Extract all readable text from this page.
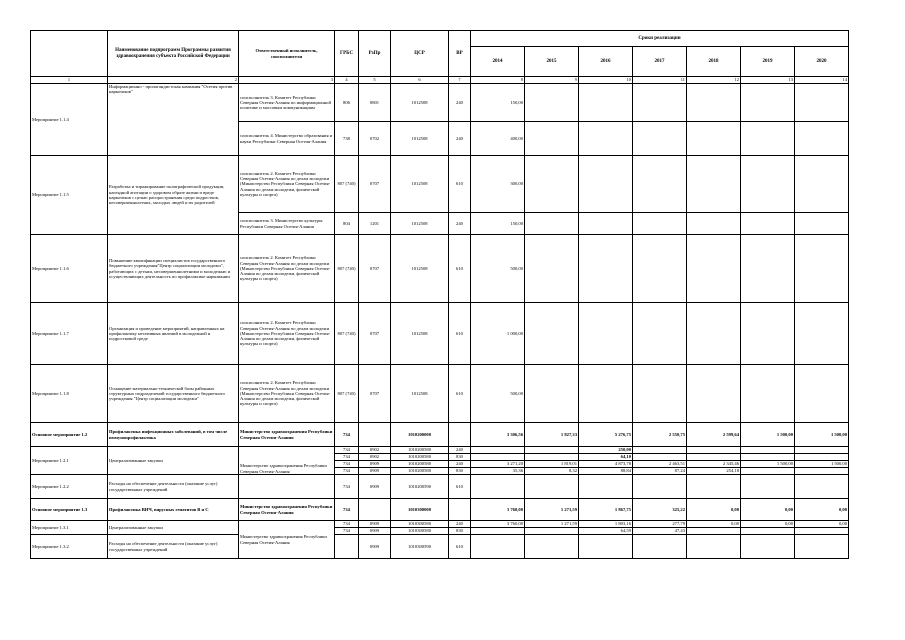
	Наименование подпрограмм Программы развития здравоохранения субъекта Российской Федерации	Ответственный исполнитель, соисполнители	ГРБС	РзПр	ЦСР	ВР	Сроки реализации						
							2014	2015	2016	2017	2018	2019	2020
1	2	3	4	5	6	7	8	9	10	11	12	13	14
Мероприятие 1.1.4	Информационно - пропагандистская кампания "Осетия против наркотиков"	соисполнитель 3. Комитет Республики Северная Осетия-Алания по информационной политике и массовым коммуникациям	806	0801	1012508	240	150,00						
		соисполнитель 4. Министерство образования и науки Республики Северная Осетия-Алания	738	0702	1012508	240	400,00						
Мероприятие 1.1.5	Разработка и тиражирование полиграфической продукции, наглядной агитации о здоровом образе жизни и вреде наркотиков с целью распространения среди подростков, несовершеннолетних, молодых людей и их родителей	соисполнитель 2. Комитет Республики Северная Осетия-Алания по делам молодежи (Министерство Республики Северная Осетия-Алания по делам молодежи, физической культуры и спорта)	807 (740)	0707	1012508	610	300,00						
		соисполнитель 3. Министерство культуры Республики Северная Осетия-Алания	804	1201	1012508	240	150,00						
Мероприятие 1.1.6	Повышение квалификации специалистов государственного бюджетного учреждения"Центр социализации молодежи", работающих с детьми, несовершеннолетними и молодежью и осуществляющих деятельность по профилактике наркомании	соисполнитель 2. Комитет Республики Северная Осетия-Алания по делам молодежи (Министерство Республики Северная Осетия-Алания по делам молодежи, физической культуры и спорта)	807 (740)	0707	1012508	610	500,00						
Мероприятие 1.1.7	Организация и проведение мероприятий, направленных на профилактику негативных явлений в молодежной и подростковой среде	соисполнитель 2. Комитет Республики Северная Осетия-Алания по делам молодежи (Министерство Республики Северная Осетия-Алания по делам молодежи, физической культуры и спорта)	807 (740)	0707	1012508	610	1 000,00						
Мероприятие 1.1.8	Оснащение материально-технической базы районных структурных подразделений государственного бюджетного учреждения "Центр социализации молодежи"	соисполнитель 2. Комитет Республики Северная Осетия-Алания по делам молодежи (Министерство Республики Северная Осетия-Алания по делам молодежи, физической культуры и спорта)	807 (740)	0707	1012508	610	500,00						
Основное мероприятие 1.2	Профилактика инфекционных заболеваний, в том числе иммунопрофилактика	Министерство здравоохранения Республики Северная Осетия-Алания	734		1010200000		3 306,56	1 827,33	5 276,75	2 550,75	2 599,64	1 500,00	1 500,00
Мероприятие 1.2.1	Централизованные закупки	Министерство здравоохранения Республики Северная Осетия-Алания	734	0902	1010200580	240			250,00				
			734	0902	1010200580	830			64,10				
			734	0909	1010200580	240	3 271,20	1 819,01	4 873,78	2 463,51	2 345,46	1 500,00	1 500,00
			734	0909	1010200580	830	35,36	8,32	88,84	87,24	254,18		
Мероприятие 1.2.2	Расходы на обеспечение деятельности (оказание услуг) государственных учреждений		734	0909	1010200590	610							
Основное мероприятие 1.3	Профилактика ВИЧ, вирусных гепатитов В и С	Министерство здравоохранения Республики Северная Осетия-Алания	734		1010300000		3 760,00	1 271,59	1 867,75	325,22	0,00	0,00	0,00
Мероприятие 1.3.1	Централизованные закупки	Министерство здравоохранения Республики Северная Осетия-Алания	734	0909	1010300580	240	3 760,00	1 271,59	1 803,16	277,79	0,00	0,00	0,00
			734	0909	1010300580	830			64,59	47,43			
Мероприятие 1.3.2	Расходы на обеспечение деятельности (оказание услуг) государственных учреждений			0909	1010300590	610							
